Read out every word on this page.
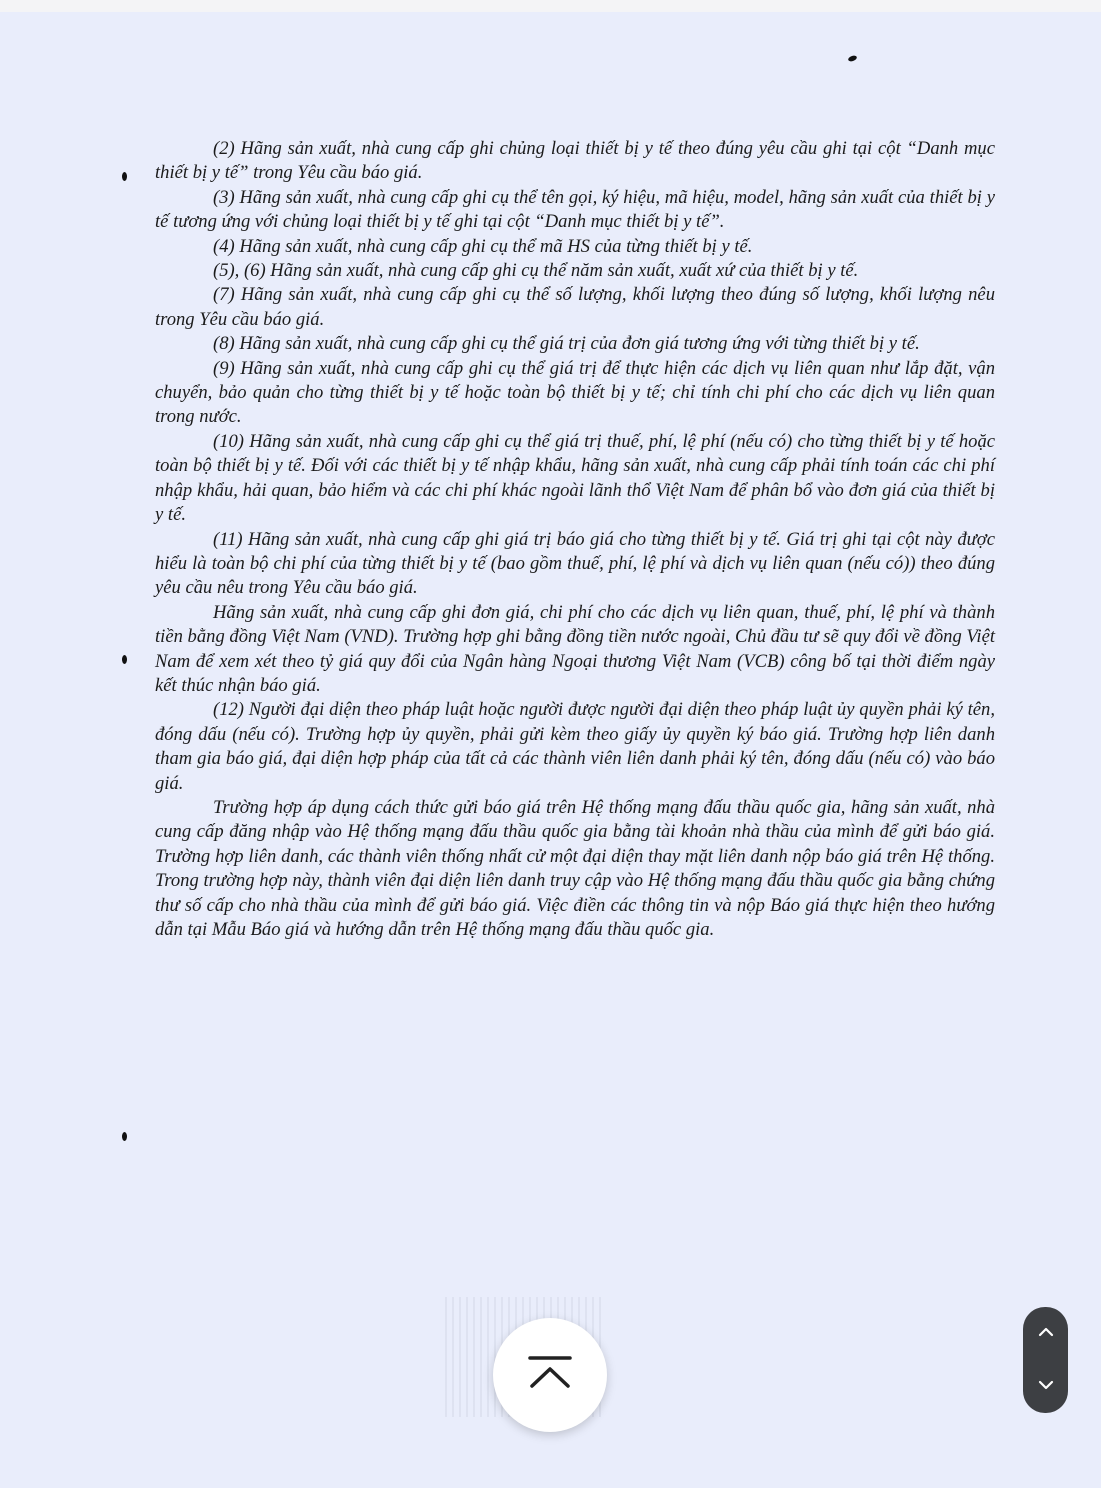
(2) Hãng sản xuất, nhà cung cấp ghi chủng loại thiết bị y tế theo đúng yêu cầu ghi tại cột “Danh mục thiết bị y tế” trong Yêu cầu báo giá.

(3) Hãng sản xuất, nhà cung cấp ghi cụ thể tên gọi, ký hiệu, mã hiệu, model, hãng sản xuất của thiết bị y tế tương ứng với chủng loại thiết bị y tế ghi tại cột “Danh mục thiết bị y tế”.

(4) Hãng sản xuất, nhà cung cấp ghi cụ thể mã HS của từng thiết bị y tế.

(5), (6) Hãng sản xuất, nhà cung cấp ghi cụ thể năm sản xuất, xuất xứ của thiết bị y tế.

(7) Hãng sản xuất, nhà cung cấp ghi cụ thể số lượng, khối lượng theo đúng số lượng, khối lượng nêu trong Yêu cầu báo giá.

(8) Hãng sản xuất, nhà cung cấp ghi cụ thể giá trị của đơn giá tương ứng với từng thiết bị y tế.

(9) Hãng sản xuất, nhà cung cấp ghi cụ thể giá trị để thực hiện các dịch vụ liên quan như lắp đặt, vận chuyển, bảo quản cho từng thiết bị y tế hoặc toàn bộ thiết bị y tế; chỉ tính chi phí cho các dịch vụ liên quan trong nước.

(10) Hãng sản xuất, nhà cung cấp ghi cụ thể giá trị thuế, phí, lệ phí (nếu có) cho từng thiết bị y tế hoặc toàn bộ thiết bị y tế. Đối với các thiết bị y tế nhập khẩu, hãng sản xuất, nhà cung cấp phải tính toán các chi phí nhập khẩu, hải quan, bảo hiểm và các chi phí khác ngoài lãnh thổ Việt Nam để phân bổ vào đơn giá của thiết bị y tế.

(11) Hãng sản xuất, nhà cung cấp ghi giá trị báo giá cho từng thiết bị y tế. Giá trị ghi tại cột này được hiểu là toàn bộ chi phí của từng thiết bị y tế (bao gồm thuế, phí, lệ phí và dịch vụ liên quan (nếu có)) theo đúng yêu cầu nêu trong Yêu cầu báo giá.

Hãng sản xuất, nhà cung cấp ghi đơn giá, chi phí cho các dịch vụ liên quan, thuế, phí, lệ phí và thành tiền bằng đồng Việt Nam (VND). Trường hợp ghi bằng đồng tiền nước ngoài, Chủ đầu tư sẽ quy đổi về đồng Việt Nam để xem xét theo tỷ giá quy đổi của Ngân hàng Ngoại thương Việt Nam (VCB) công bố tại thời điểm ngày kết thúc nhận báo giá.

(12) Người đại diện theo pháp luật hoặc người được người đại diện theo pháp luật ủy quyền phải ký tên, đóng dấu (nếu có). Trường hợp ủy quyền, phải gửi kèm theo giấy ủy quyền ký báo giá. Trường hợp liên danh tham gia báo giá, đại diện hợp pháp của tất cả các thành viên liên danh phải ký tên, đóng dấu (nếu có) vào báo giá.

Trường hợp áp dụng cách thức gửi báo giá trên Hệ thống mạng đấu thầu quốc gia, hãng sản xuất, nhà cung cấp đăng nhập vào Hệ thống mạng đấu thầu quốc gia bằng tài khoản nhà thầu của mình để gửi báo giá. Trường hợp liên danh, các thành viên thống nhất cử một đại diện thay mặt liên danh nộp báo giá trên Hệ thống. Trong trường hợp này, thành viên đại diện liên danh truy cập vào Hệ thống mạng đấu thầu quốc gia bằng chứng thư số cấp cho nhà thầu của mình để gửi báo giá. Việc điền các thông tin và nộp Báo giá thực hiện theo hướng dẫn tại Mẫu Báo giá và hướng dẫn trên Hệ thống mạng đấu thầu quốc gia.
